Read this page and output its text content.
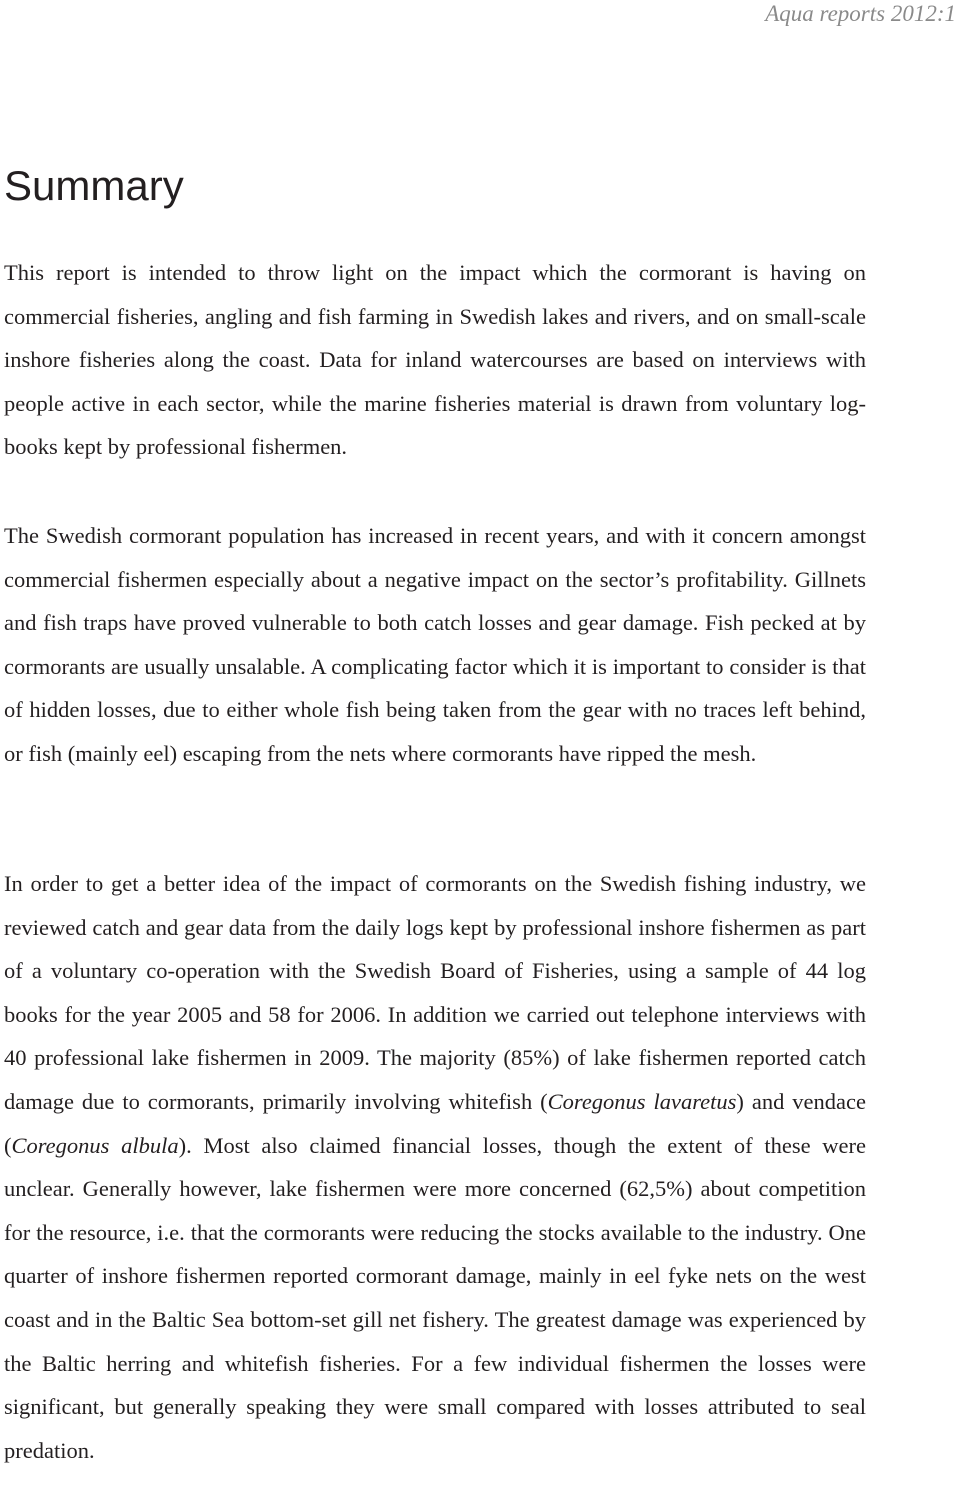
Aqua reports 2012:1
Summary

This report is intended to throw light on the impact which the cormorant is having on commercial fisheries, angling and fish farming in Swedish lakes and rivers, and on small-scale inshore fisheries along the coast. Data for inland watercourses are based on interviews with people active in each sector, while the marine fisheries material is drawn from voluntary log-books kept by professional fishermen.

The Swedish cormorant population has increased in recent years, and with it concern amongst commercial fishermen especially about a negative impact on the sector’s profitability. Gillnets and fish traps have proved vulnerable to both catch losses and gear damage. Fish pecked at by cormorants are usually unsalable. A complicating factor which it is important to consider is that of hidden losses, due to either whole fish being taken from the gear with no traces left behind, or fish (mainly eel) escaping from the nets where cormorants have ripped the mesh.

In order to get a better idea of the impact of cormorants on the Swedish fishing industry, we reviewed catch and gear data from the daily logs kept by professional inshore fishermen as part of a voluntary co-operation with the Swedish Board of Fisheries, using a sample of 44 log books for the year 2005 and 58 for 2006. In addition we carried out telephone interviews with 40 professional lake fishermen in 2009. The majority (85%) of lake fishermen reported catch damage due to cormorants, primarily involving whitefish (Coregonus lavaretus) and vendace (Coregonus albula). Most also claimed financial losses, though the extent of these were unclear. Generally however, lake fishermen were more concerned (62,5%) about competition for the resource, i.e. that the cormorants were reducing the stocks available to the industry. One quarter of inshore fishermen reported cormorant damage, mainly in eel fyke nets on the west coast and in the Baltic Sea bottom-set gill net fishery. The greatest damage was experienced by the Baltic herring and whitefish fisheries. For a few individual fishermen the losses were significant, but generally speaking they were small compared with losses attributed to seal predation.
